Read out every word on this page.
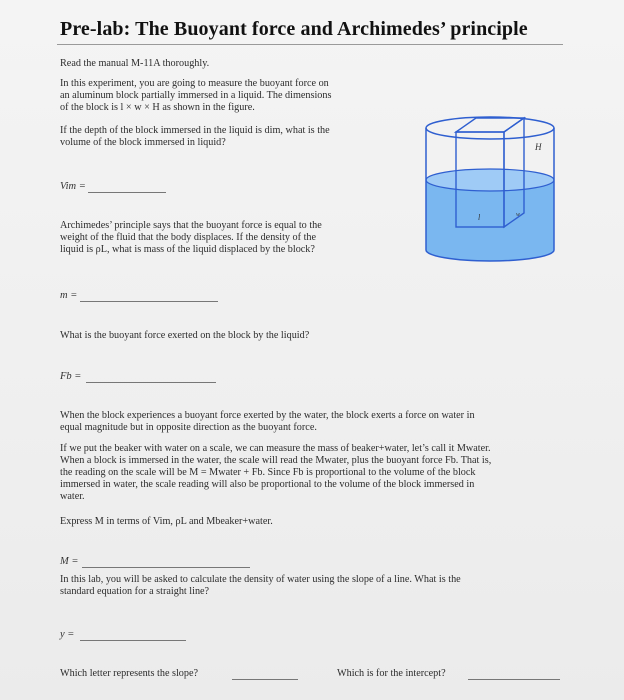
Pre-lab: The Buoyant force and Archimedes’ principle
Read the manual M-11A thoroughly.
In this experiment, you are going to measure the buoyant force on
an aluminum block partially immersed in a liquid. The dimensions
of the block is l × w × H as shown in the figure.
If the depth of the block immersed in the liquid is dim, what is the
volume of the block immersed in liquid?
Vim =
Archimedes’ principle says that the buoyant force is equal to the
weight of the fluid that the body displaces. If the density of the
liquid is ρL, what is mass of the liquid displaced by the block?
m =
What is the buoyant force exerted on the block by the liquid?
Fb =
When the block experiences a buoyant force exerted by the water, the block exerts a force on water in
equal magnitude but in opposite direction as the buoyant force.
If we put the beaker with water on a scale, we can measure the mass of beaker+water, let’s call it Mwater.
When a block is immersed in the water, the scale will read the Mwater, plus the buoyant force Fb. That is,
the reading on the scale will be M = Mwater + Fb. Since Fb is proportional to the volume of the block
immersed in water, the scale reading will also be proportional to the volume of the block immersed in
water.
Express M in terms of Vim, ρL and Mbeaker+water.
M =
In this lab, you will be asked to calculate the density of water using the slope of a line. What is the
standard equation for a straight line?
y =
Which letter represents the slope?	Which is for the intercept?
H
l	w
